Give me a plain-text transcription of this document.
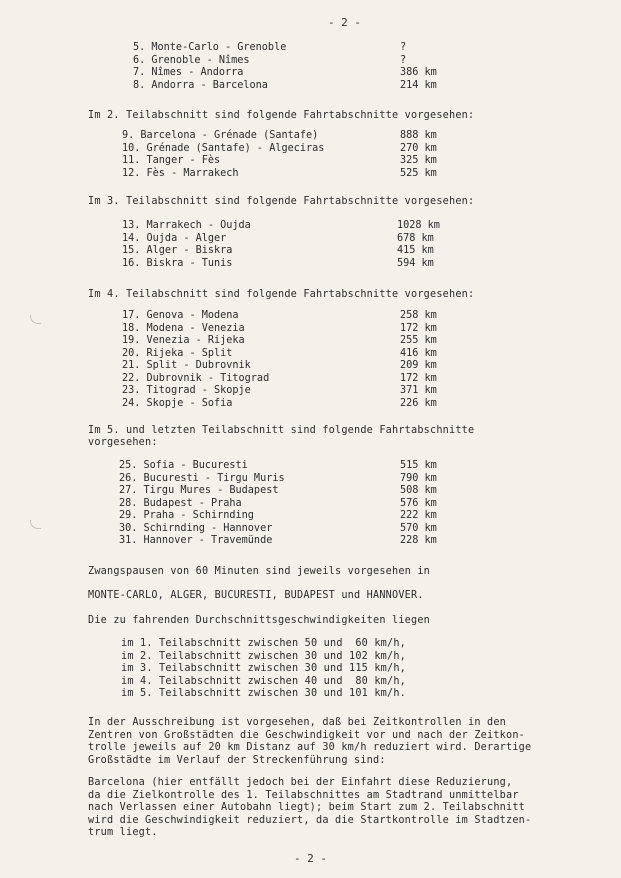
- 2 -
5. Monte-Carlo - Grenoble	?
6. Grenoble - Nîmes	?
7. Nîmes - Andorra	386 km
8. Andorra - Barcelona	214 km
Im 2. Teilabschnitt sind folgende Fahrtabschnitte vorgesehen:
9. Barcelona - Grénade (Santafe)	888 km
10. Grénade (Santafe) - Algeciras	270 km
11. Tanger - Fès	325 km
12. Fès - Marrakech	525 km
Im 3. Teilabschnitt sind folgende Fahrtabschnitte vorgesehen:
13. Marrakech - Oujda	1028 km
14. Oujda - Alger	678 km
15. Alger - Biskra	415 km
16. Biskra - Tunis	594 km
Im 4. Teilabschnitt sind folgende Fahrtabschnitte vorgesehen:
17. Genova - Modena	258 km
18. Modena - Venezia	172 km
19. Venezia - Rijeka	255 km
20. Rijeka - Split	416 km
21. Split - Dubrovnik	209 km
22. Dubrovnik - Titograd	172 km
23. Titograd - Skopje	371 km
24. Skopje - Sofia	226 km
Im 5. und letzten Teilabschnitt sind folgende Fahrtabschnitte
vorgesehen:
25. Sofia - Bucuresti	515 km
26. Bucuresti - Tirgu Muris	790 km
27. Tirgu Mures - Budapest	508 km
28. Budapest - Praha	576 km
29. Praha - Schirnding	222 km
30. Schirnding - Hannover	570 km
31. Hannover - Travemünde	228 km
Zwangspausen von 60 Minuten sind jeweils vorgesehen in
MONTE-CARLO, ALGER, BUCURESTI, BUDAPEST und HANNOVER.
Die zu fahrenden Durchschnittsgeschwindigkeiten liegen
im 1. Teilabschnitt zwischen 50 und  60 km/h,
im 2. Teilabschnitt zwischen 30 und 102 km/h,
im 3. Teilabschnitt zwischen 30 und 115 km/h,
im 4. Teilabschnitt zwischen 40 und  80 km/h,
im 5. Teilabschnitt zwischen 30 und 101 km/h.
In der Ausschreibung ist vorgesehen, daß bei Zeitkontrollen in den
Zentren von Großstädten die Geschwindigkeit vor und nach der Zeitkon-
trolle jeweils auf 20 km Distanz auf 30 km/h reduziert wird. Derartige
Großstädte im Verlauf der Streckenführung sind:
Barcelona (hier entfällt jedoch bei der Einfahrt diese Reduzierung,
da die Zielkontrolle des 1. Teilabschnittes am Stadtrand unmittelbar
nach Verlassen einer Autobahn liegt); beim Start zum 2. Teilabschnitt
wird die Geschwindigkeit reduziert, da die Startkontrolle im Stadtzen-
trum liegt.
- 2 -
